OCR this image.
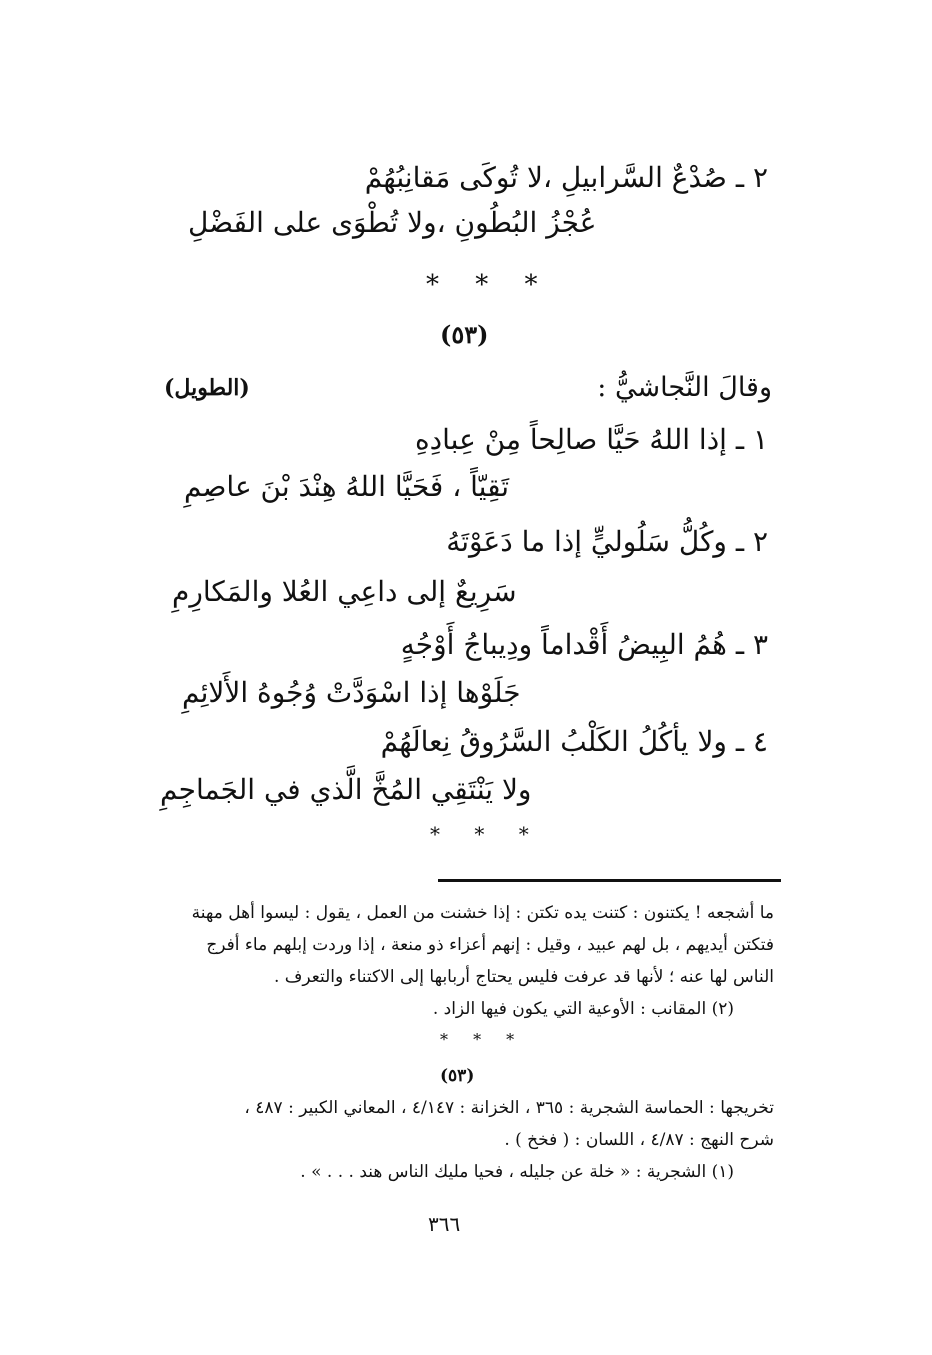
٢ ـ صُدْعٌ السَّرابيلِ ،لا تُوكَى مَقانِبُهُمْ
عُجْزُ البُطُونِ ،ولا تُطْوَى على الفَضْلِ
* * *
(٥٣)
وقالَ النَّجاشيُّ :
(الطويل)
١ ـ إذا اللهُ حَيَّا صالِحاً مِنْ عِبادِهِ
تَقِيّاً ، فَحَيَّا اللهُ هِنْدَ بْنَ عاصِمِ
٢ ـ وكُلُّ سَلُوليٍّ إذا ما دَعَوْتَهُ
سَرِيعٌ إلى داعِي العُلا والمَكارِمِ
٣ ـ هُمُ البِيضُ أَقْداماً ودِيباجُ أَوْجُهٍ
جَلَوْها إذا اسْوَدَّتْ وُجُوهُ الأَلائِمِ
٤ ـ ولا يأكُلُ الكَلْبُ السَّرُوقُ نِعالَهُمْ
ولا يَنْتَقِي المُخَّ الَّذي في الجَماجِمِ
* * *
ما أشجعه ! يكتنون : كتنت يده تكتن : إذا خشنت من العمل ، يقول : ليسوا أهل مهنة
فتكتن أيديهم ، بل لهم عبيد ، وقيل : إنهم أعزاء ذو منعة ، إذا وردت إبلهم ماء أفرج
الناس لها عنه ؛ لأنها قد عرفت فليس يحتاج أربابها إلى الاكتناء والتعرف .
(٢) المقانب : الأوعية التي يكون فيها الزاد .
* * *
(٥٣)
تخريجها : الحماسة الشجرية : ٣٦٥ ، الخزانة : ٤/١٤٧ ، المعاني الكبير : ٤٨٧ ،
شرح النهج : ٤/٨٧ ، اللسان : ( فخخ ) .
(١) الشجرية : « خلة عن جليله ، فحيا مليك الناس هند . . . » .
٣٦٦
